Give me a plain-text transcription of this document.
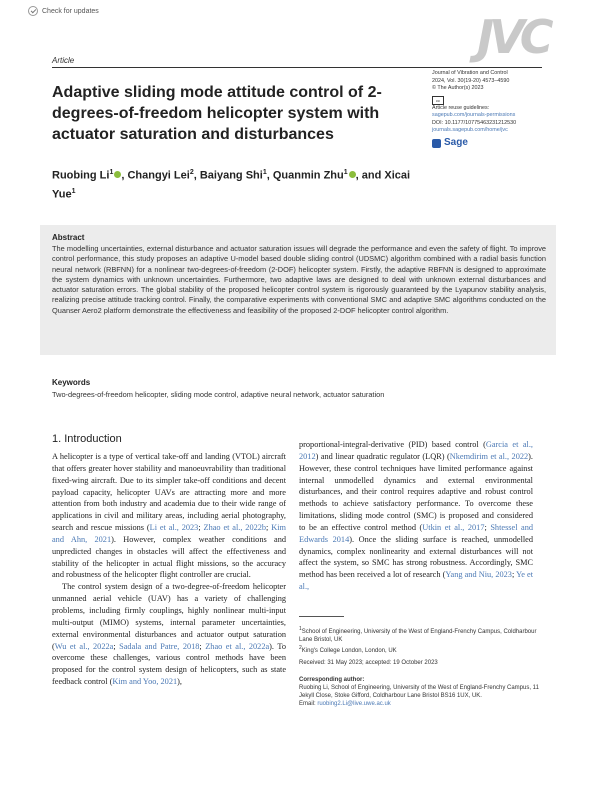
Check for updates	JVC
Article
Adaptive sliding mode attitude control of 2-degrees-of-freedom helicopter system with actuator saturation and disturbances
Journal of Vibration and Control
2024, Vol. 30(19-20) 4573–4590
© The Author(s) 2023
cc
Article reuse guidelines:
sagepub.com/journals-permissions
DOI: 10.1177/10775463231212530
journals.sagepub.com/home/jvc
Sage
Ruobing Li$^1$ , Changyi Lei$^2$, Baiyang Shi$^1$, Quanmin Zhu$^1$ , and Xicai Yue$^1$
Abstract
The modelling uncertainties, external disturbance and actuator saturation issues will degrade the performance and even the safety of flight. To improve control performance, this study proposes an adaptive U-model based double sliding control (UDSMC) algorithm combined with a radial basis function neural network (RBFNN) for a nonlinear two-degrees-of-freedom (2-DOF) helicopter system. Firstly, the adaptive RBFNN is designed to approximate the system dynamics with unknown uncertainties. Furthermore, two adaptive laws are designed to deal with unknown external disturbances and actuator saturation errors. The global stability of the proposed helicopter control system is rigorously guaranteed by the Lyapunov stability analysis, realizing precise attitude tracking control. Finally, the comparative experiments with conventional SMC and adaptive SMC algorithms conducted on the Quanser Aero2 platform demonstrate the effectiveness and feasibility of the proposed 2-DOF helicopter control algorithm.
Keywords
Two-degrees-of-freedom helicopter, sliding mode control, adaptive neural network, actuator saturation
1. Introduction

A helicopter is a type of vertical take-off and landing (VTOL) aircraft that offers greater hover stability and manoeuvrability than traditional fixed-wing aircraft. Due to its simpler take-off conditions and decent payload capacity, helicopter UAVs are attracting more and more attention from both industry and academia due to their wide range of applications in civil and military areas, including aerial photography, search and rescue missions (Li et al., 2023; Zhao et al., 2022b; Kim and Ahn, 2021). However, complex weather conditions and unpredicted changes in obstacles will affect the effectiveness and stability of the helicopter in actual flight missions, so the accuracy and robustness of the helicopter flight controller are crucial.

The control system design of a two-degree-of-freedom helicopter unmanned aerial vehicle (UAV) has a variety of challenging problems, including firmly couplings, highly nonlinear multi-input multi-output (MIMO) systems, internal parameter uncertainties, external environmental disturbances and actuator output saturation (Wu et al., 2022a; Sadala and Patre, 2018; Zhao et al., 2022a). To overcome these challenges, various control methods have been proposed for the control system design of helicopters, such as state feedback control (Kim and Yoo, 2021),

proportional-integral-derivative (PID) based control (Garcia et al., 2012) and linear quadratic regulator (LQR) (Nkemdirim et al., 2022). However, these control techniques have limited performance against internal unmodelled dynamics and external environmental disturbances, and their control requires adaptive and robust control methods to achieve satisfactory performance. To overcome these limitations, sliding mode control (SMC) is proposed and considered to be an effective control method (Utkin et al., 2017; Shtessel and Edwards 2014). Once the sliding surface is reached, unmodelled dynamics, complex nonlinearity and external disturbances will not affect the system, so SMC has strong robustness. Accordingly, SMC method has been received a lot of research (Yang and Niu, 2023; Ye et al.,

$^1$School of Engineering, University of the West of England-Frenchy Campus, Coldharbour Lane Bristol, UK
$^2$King's College London, London, UK
Received: 31 May 2023; accepted: 19 October 2023
Corresponding author:
Ruobing Li, School of Engineering, University of the West of England-Frenchy Campus, 11 Jekyll Close, Stoke Gifford, Coldharbour Lane Bristol BS16 1UX, UK.
Email: ruobing2.Li@live.uwe.ac.uk
